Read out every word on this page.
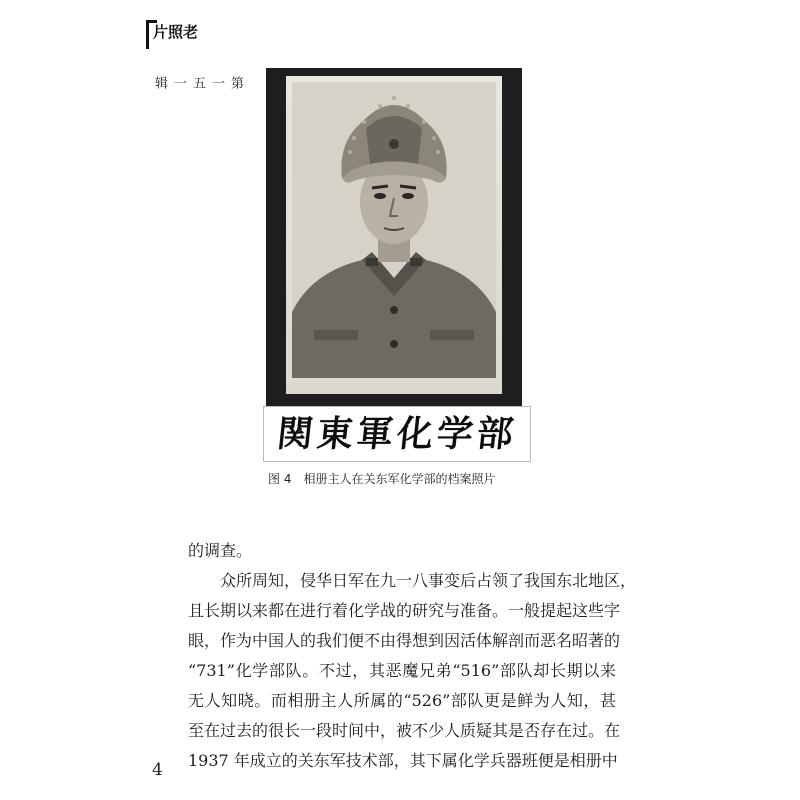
老照片
第一五一辑
関東軍化学部
图 4 相册主人在关东军化学部的档案照片
的调查。
众所周知，侵华日军在九一八事变后占领了我国东北地区，
且长期以来都在进行着化学战的研究与准备。一般提起这些字
眼，作为中国人的我们便不由得想到因活体解剖而恶名昭著的
“731”化学部队。不过，其恶魔兄弟“516”部队却长期以来
无人知晓。而相册主人所属的“526”部队更是鲜为人知，甚
至在过去的很长一段时间中，被不少人质疑其是否存在过。在
1937 年成立的关东军技术部，其下属化学兵器班便是相册中
4
